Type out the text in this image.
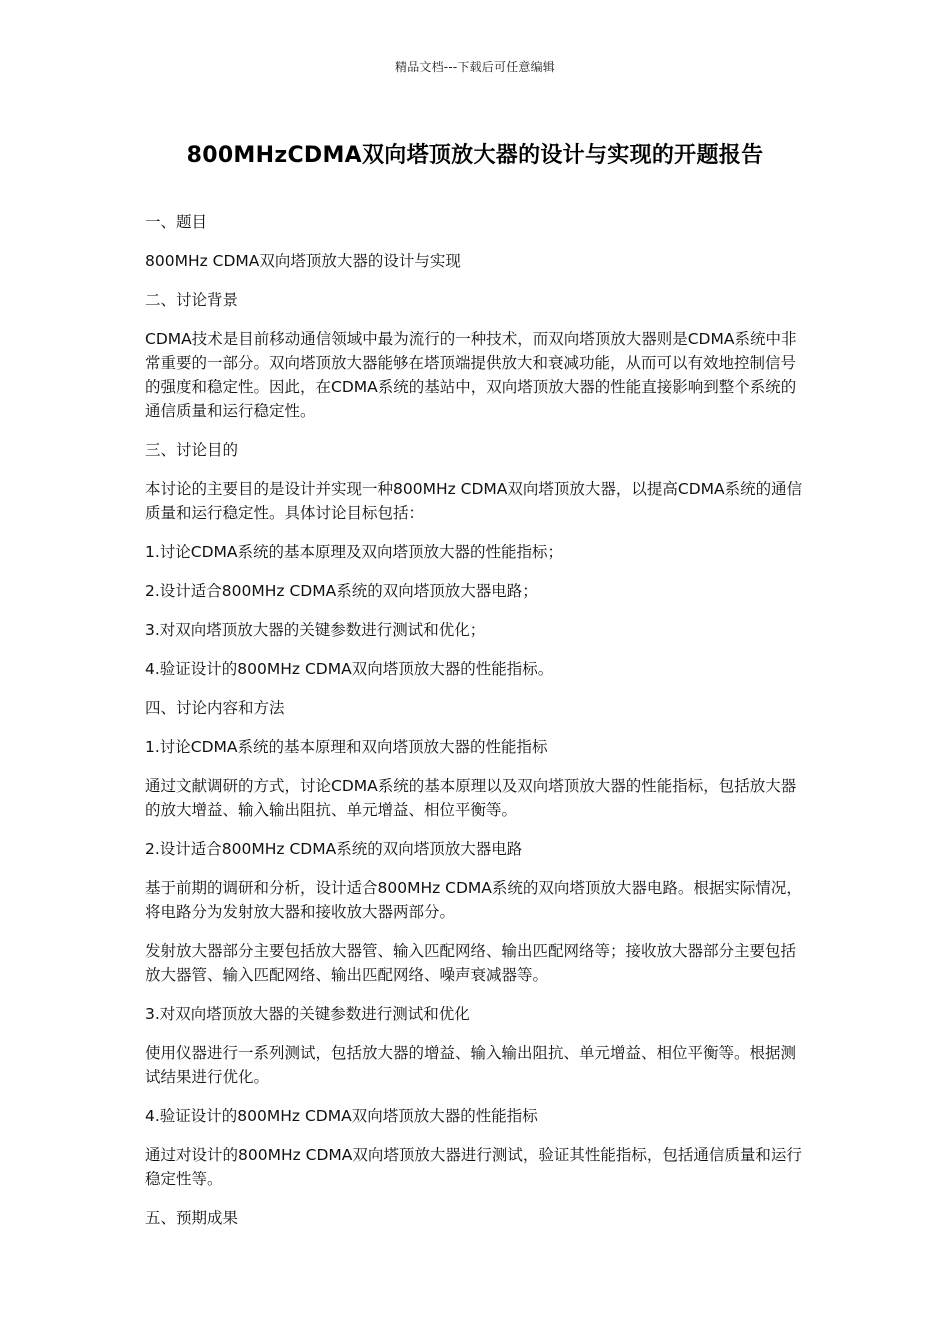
精品文档---下载后可任意编辑
800MHzCDMA双向塔顶放大器的设计与实现的开题报告

一、题目

800MHz CDMA双向塔顶放大器的设计与实现

二、讨论背景

CDMA技术是目前移动通信领域中最为流行的一种技术，而双向塔顶放大器则是CDMA系统中非常重要的一部分。双向塔顶放大器能够在塔顶端提供放大和衰减功能，从而可以有效地控制信号的强度和稳定性。因此，在CDMA系统的基站中，双向塔顶放大器的性能直接影响到整个系统的通信质量和运行稳定性。

三、讨论目的

本讨论的主要目的是设计并实现一种800MHz CDMA双向塔顶放大器，以提高CDMA系统的通信质量和运行稳定性。具体讨论目标包括：

1.讨论CDMA系统的基本原理及双向塔顶放大器的性能指标；

2.设计适合800MHz CDMA系统的双向塔顶放大器电路；

3.对双向塔顶放大器的关键参数进行测试和优化；

4.验证设计的800MHz CDMA双向塔顶放大器的性能指标。

四、讨论内容和方法

1.讨论CDMA系统的基本原理和双向塔顶放大器的性能指标

通过文献调研的方式，讨论CDMA系统的基本原理以及双向塔顶放大器的性能指标，包括放大器的放大增益、输入输出阻抗、单元增益、相位平衡等。

2.设计适合800MHz CDMA系统的双向塔顶放大器电路

基于前期的调研和分析，设计适合800MHz CDMA系统的双向塔顶放大器电路。根据实际情况，将电路分为发射放大器和接收放大器两部分。

发射放大器部分主要包括放大器管、输入匹配网络、输出匹配网络等；接收放大器部分主要包括放大器管、输入匹配网络、输出匹配网络、噪声衰减器等。

3.对双向塔顶放大器的关键参数进行测试和优化

使用仪器进行一系列测试，包括放大器的增益、输入输出阻抗、单元增益、相位平衡等。根据测试结果进行优化。

4.验证设计的800MHz CDMA双向塔顶放大器的性能指标

通过对设计的800MHz CDMA双向塔顶放大器进行测试，验证其性能指标，包括通信质量和运行稳定性等。

五、预期成果
